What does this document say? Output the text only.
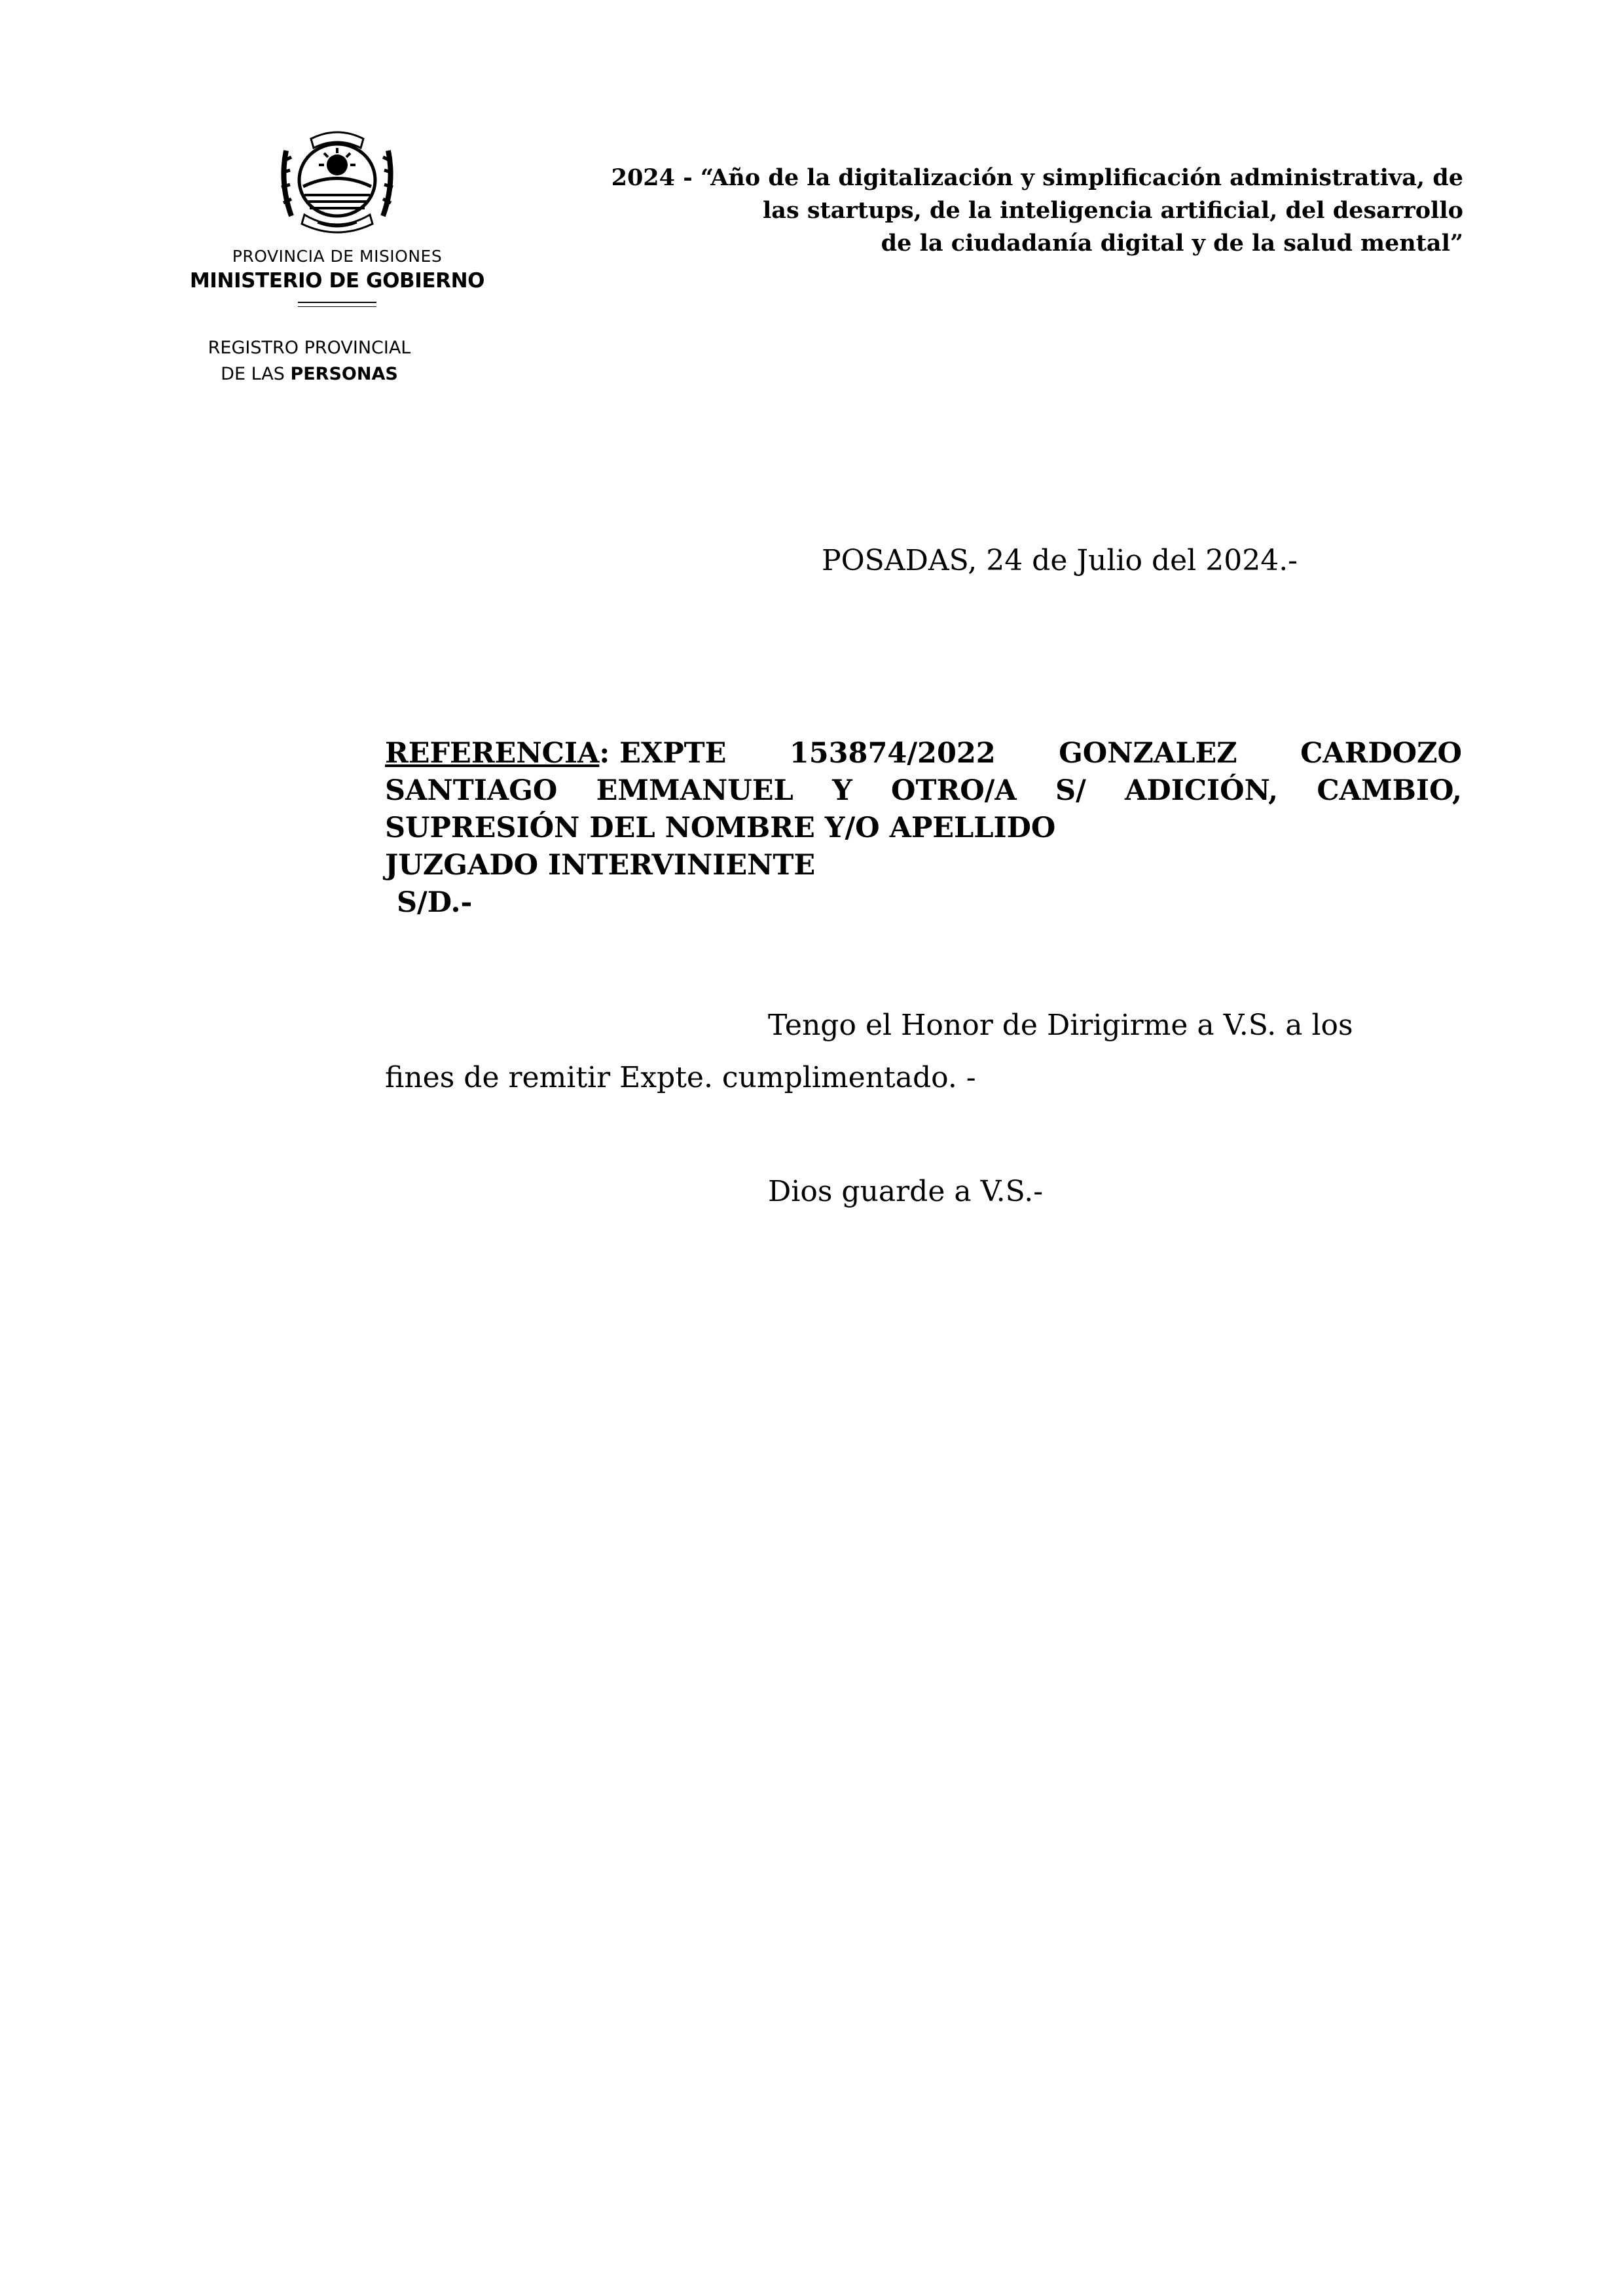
PROVINCIA DE MISIONES
MINISTERIO DE GOBIERNO
REGISTRO PROVINCIAL
DE LAS PERSONAS
2024 - “Año de la digitalización y simplificación administrativa, de
las startups, de la inteligencia artificial, del desarrollo
de la ciudadanía digital y de la salud mental”
POSADAS, 24 de Julio del 2024.-
REFERENCIA: EXPTE 153874/2022 GONZALEZ CARDOZO
SANTIAGO EMMANUEL Y OTRO/A S/ ADICIÓN, CAMBIO,
SUPRESIÓN DEL NOMBRE Y/O APELLIDO
JUZGADO INTERVINIENTE
S/D.-
Tengo el Honor de Dirigirme a V.S. a los
fines de remitir Expte. cumplimentado. -
Dios guarde a V.S.-
